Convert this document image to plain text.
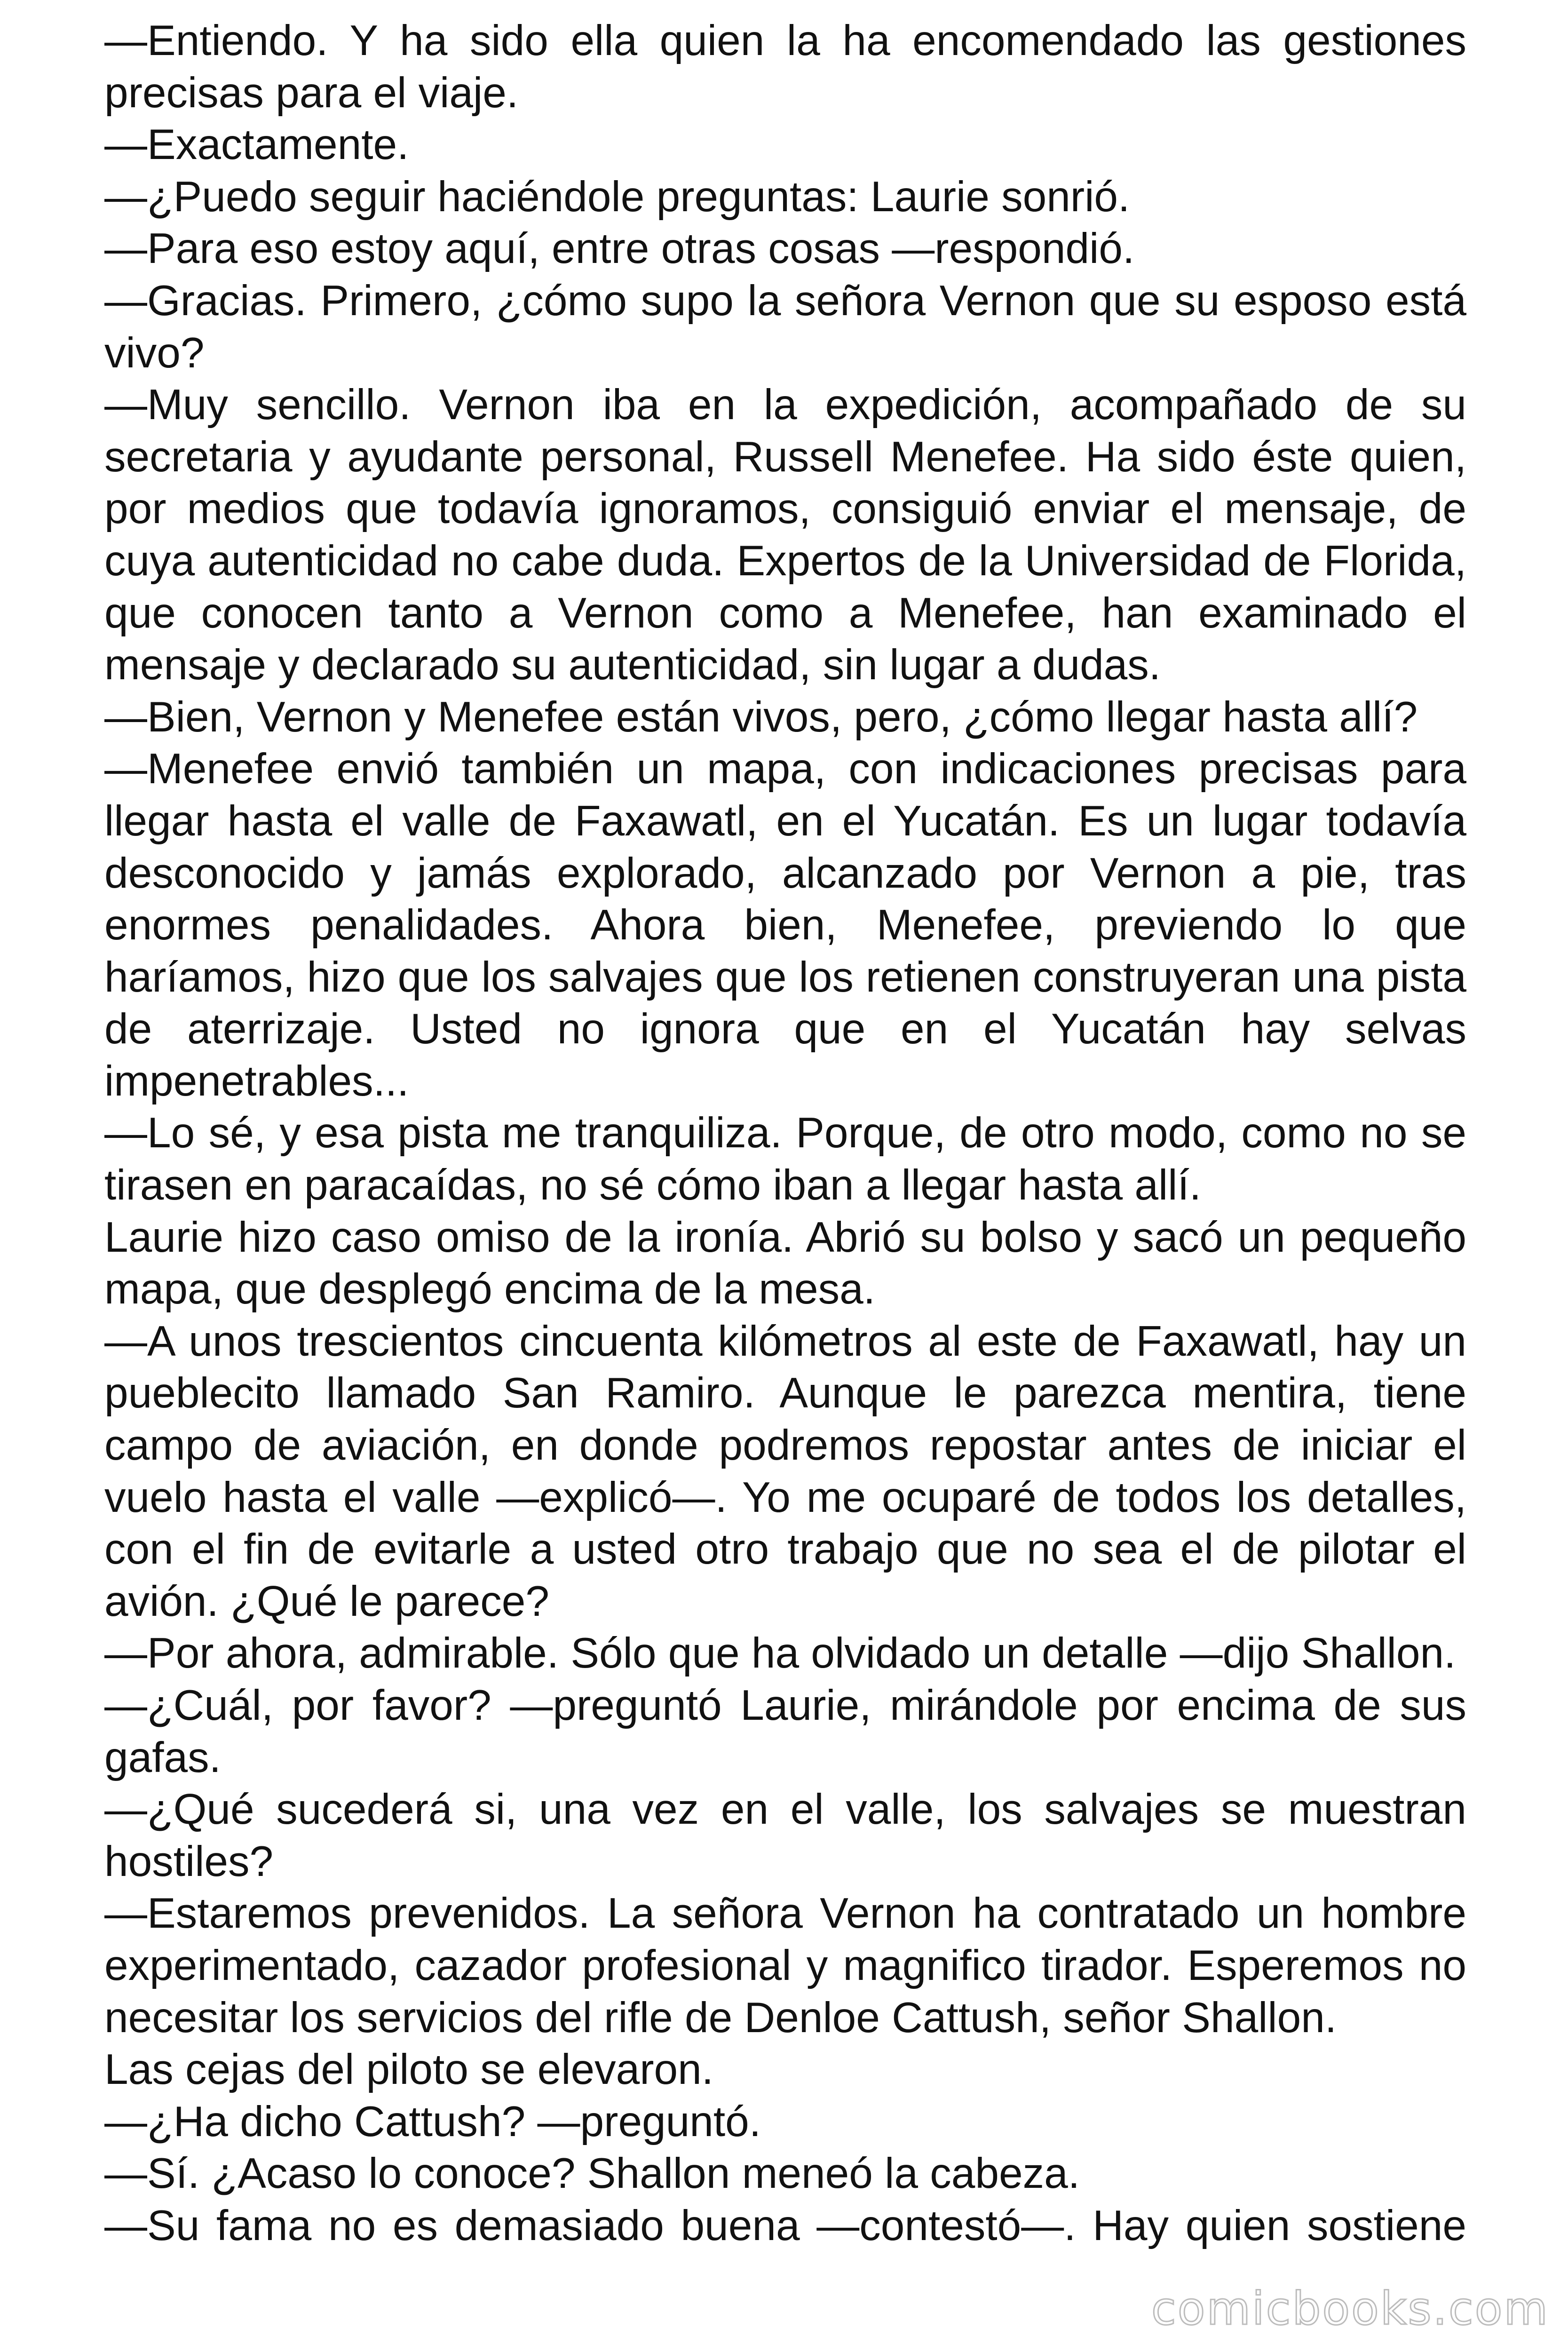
—Entiendo. Y ha sido ella quien la ha encomendado las gestiones precisas para el viaje.

—Exactamente.

—¿Puedo seguir haciéndole preguntas: Laurie sonrió.

—Para eso estoy aquí, entre otras cosas —respondió.

—Gracias. Primero, ¿cómo supo la señora Vernon que su esposo está vivo?

—Muy sencillo. Vernon iba en la expedición, acompañado de su secretaria y ayudante personal, Russell Menefee. Ha sido éste quien, por medios que todavía ignoramos, consiguió enviar el mensaje, de cuya autenticidad no cabe duda. Expertos de la Universidad de Florida, que conocen tanto a Vernon como a Menefee, han examinado el mensaje y declarado su autenticidad, sin lugar a dudas.

—Bien, Vernon y Menefee están vivos, pero, ¿cómo llegar hasta allí?

—Menefee envió también un mapa, con indicaciones precisas para llegar hasta el valle de Faxawatl, en el Yucatán. Es un lugar todavía desconocido y jamás explorado, alcanzado por Vernon a pie, tras enormes penalidades. Ahora bien, Menefee, previendo lo que haríamos, hizo que los salvajes que los retienen construyeran una pista de aterrizaje. Usted no ignora que en el Yucatán hay selvas impenetrables...

—Lo sé, y esa pista me tranquiliza. Porque, de otro modo, como no se tirasen en paracaídas, no sé cómo iban a llegar hasta allí.

Laurie hizo caso omiso de la ironía. Abrió su bolso y sacó un pequeño mapa, que desplegó encima de la mesa.

—A unos trescientos cincuenta kilómetros al este de Faxawatl, hay un pueblecito llamado San Ramiro. Aunque le parezca mentira, tiene campo de aviación, en donde podremos repostar antes de iniciar el vuelo hasta el valle —explicó—. Yo me ocuparé de todos los detalles, con el fin de evitarle a usted otro trabajo que no sea el de pilotar el avión. ¿Qué le parece?

—Por ahora, admirable. Sólo que ha olvidado un detalle —dijo Shallon.

—¿Cuál, por favor? —preguntó Laurie, mirándole por encima de sus gafas.

—¿Qué sucederá si, una vez en el valle, los salvajes se muestran hostiles?

—Estaremos prevenidos. La señora Vernon ha contratado un hombre experimentado, cazador profesional y magnifico tirador. Esperemos no necesitar los servicios del rifle de Denloe Cattush, señor Shallon.

Las cejas del piloto se elevaron.

—¿Ha dicho Cattush? —preguntó.

—Sí. ¿Acaso lo conoce? Shallon meneó la cabeza.

—Su fama no es demasiado buena —contestó—. Hay quien sostiene

comicbooks.com
